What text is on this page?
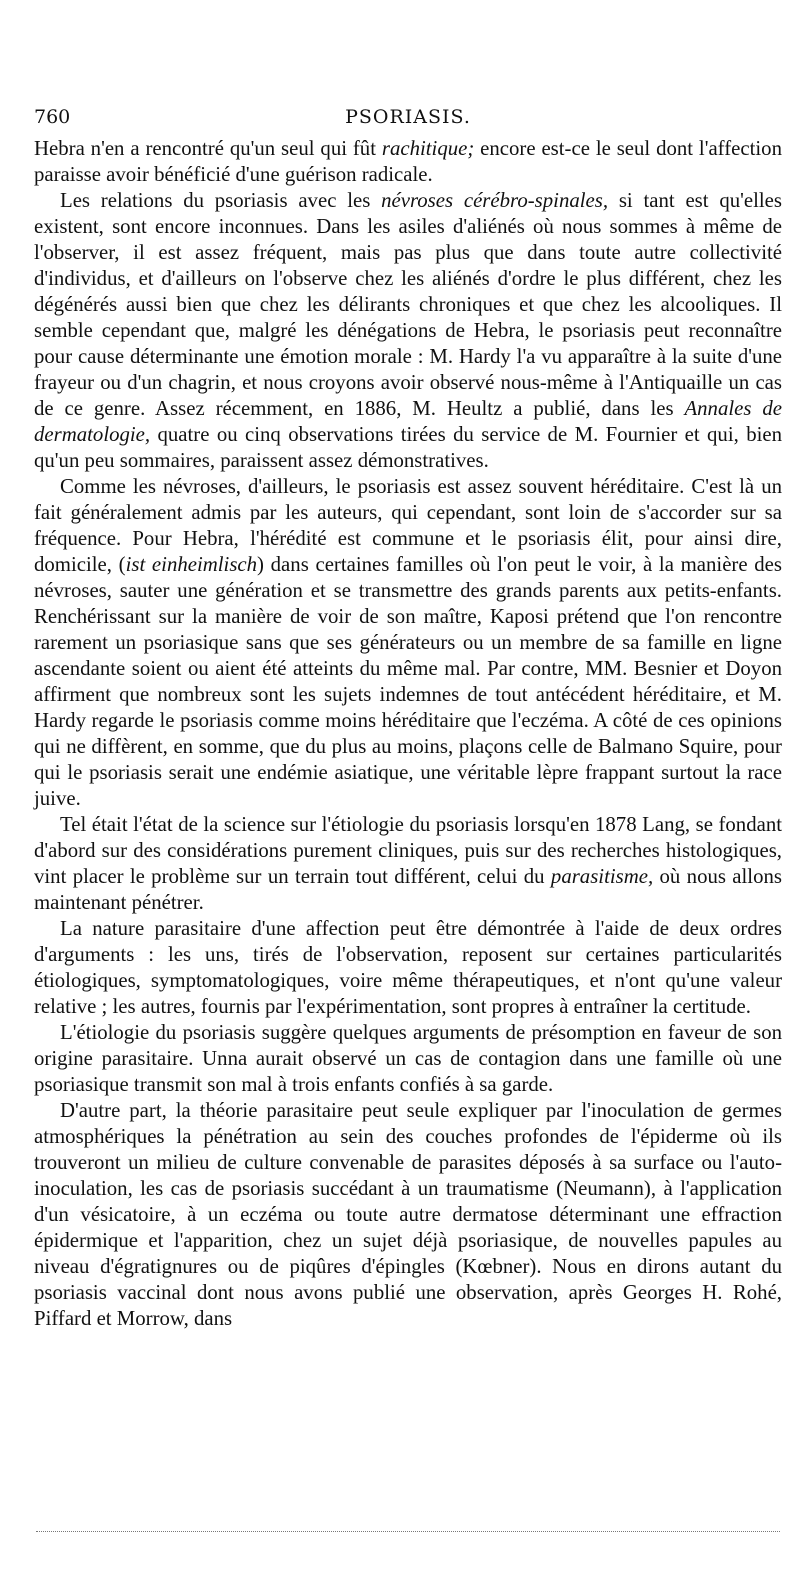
760	PSORIASIS.

Hebra n'en a rencontré qu'un seul qui fût rachitique; encore est-ce le seul dont l'affection paraisse avoir bénéficié d'une guérison radicale.

Les relations du psoriasis avec les névroses cérébro-spinales, si tant est qu'elles existent, sont encore inconnues. Dans les asiles d'aliénés où nous sommes à même de l'observer, il est assez fréquent, mais pas plus que dans toute autre collectivité d'individus, et d'ailleurs on l'observe chez les aliénés d'ordre le plus différent, chez les dégénérés aussi bien que chez les délirants chroniques et que chez les alcooliques. Il semble cependant que, malgré les dénégations de Hebra, le psoriasis peut reconnaître pour cause déterminante une émotion morale : M. Hardy l'a vu apparaître à la suite d'une frayeur ou d'un chagrin, et nous croyons avoir observé nous-même à l'Antiquaille un cas de ce genre. Assez récemment, en 1886, M. Heultz a publié, dans les Annales de dermatologie, quatre ou cinq observations tirées du service de M. Fournier et qui, bien qu'un peu sommaires, paraissent assez démonstratives.

Comme les névroses, d'ailleurs, le psoriasis est assez souvent héréditaire. C'est là un fait généralement admis par les auteurs, qui cependant, sont loin de s'accorder sur sa fréquence. Pour Hebra, l'hérédité est commune et le psoriasis élit, pour ainsi dire, domicile, (ist einheimlisch) dans certaines familles où l'on peut le voir, à la manière des névroses, sauter une génération et se transmettre des grands parents aux petits-enfants. Renchérissant sur la manière de voir de son maître, Kaposi prétend que l'on rencontre rarement un psoriasique sans que ses générateurs ou un membre de sa famille en ligne ascendante soient ou aient été atteints du même mal. Par contre, MM. Besnier et Doyon affirment que nombreux sont les sujets indemnes de tout antécédent héréditaire, et M. Hardy regarde le psoriasis comme moins héréditaire que l'eczéma. A côté de ces opinions qui ne diffèrent, en somme, que du plus au moins, plaçons celle de Balmano Squire, pour qui le psoriasis serait une endémie asiatique, une véritable lèpre frappant surtout la race juive.

Tel était l'état de la science sur l'étiologie du psoriasis lorsqu'en 1878 Lang, se fondant d'abord sur des considérations purement cliniques, puis sur des recherches histologiques, vint placer le problème sur un terrain tout différent, celui du parasitisme, où nous allons maintenant pénétrer.

La nature parasitaire d'une affection peut être démontrée à l'aide de deux ordres d'arguments : les uns, tirés de l'observation, reposent sur certaines particularités étiologiques, symptomatologiques, voire même thérapeutiques, et n'ont qu'une valeur relative ; les autres, fournis par l'expérimentation, sont propres à entraîner la certitude.

L'étiologie du psoriasis suggère quelques arguments de présomption en faveur de son origine parasitaire. Unna aurait observé un cas de contagion dans une famille où une psoriasique transmit son mal à trois enfants confiés à sa garde.

D'autre part, la théorie parasitaire peut seule expliquer par l'inoculation de germes atmosphériques la pénétration au sein des couches profondes de l'épiderme où ils trouveront un milieu de culture convenable de parasites déposés à sa surface ou l'auto-inoculation, les cas de psoriasis succédant à un traumatisme (Neumann), à l'application d'un vésicatoire, à un eczéma ou toute autre dermatose déterminant une effraction épidermique et l'apparition, chez un sujet déjà psoriasique, de nouvelles papules au niveau d'égratignures ou de piqûres d'épingles (Kœbner). Nous en dirons autant du psoriasis vaccinal dont nous avons publié une observation, après Georges H. Rohé, Piffard et Morrow, dans
